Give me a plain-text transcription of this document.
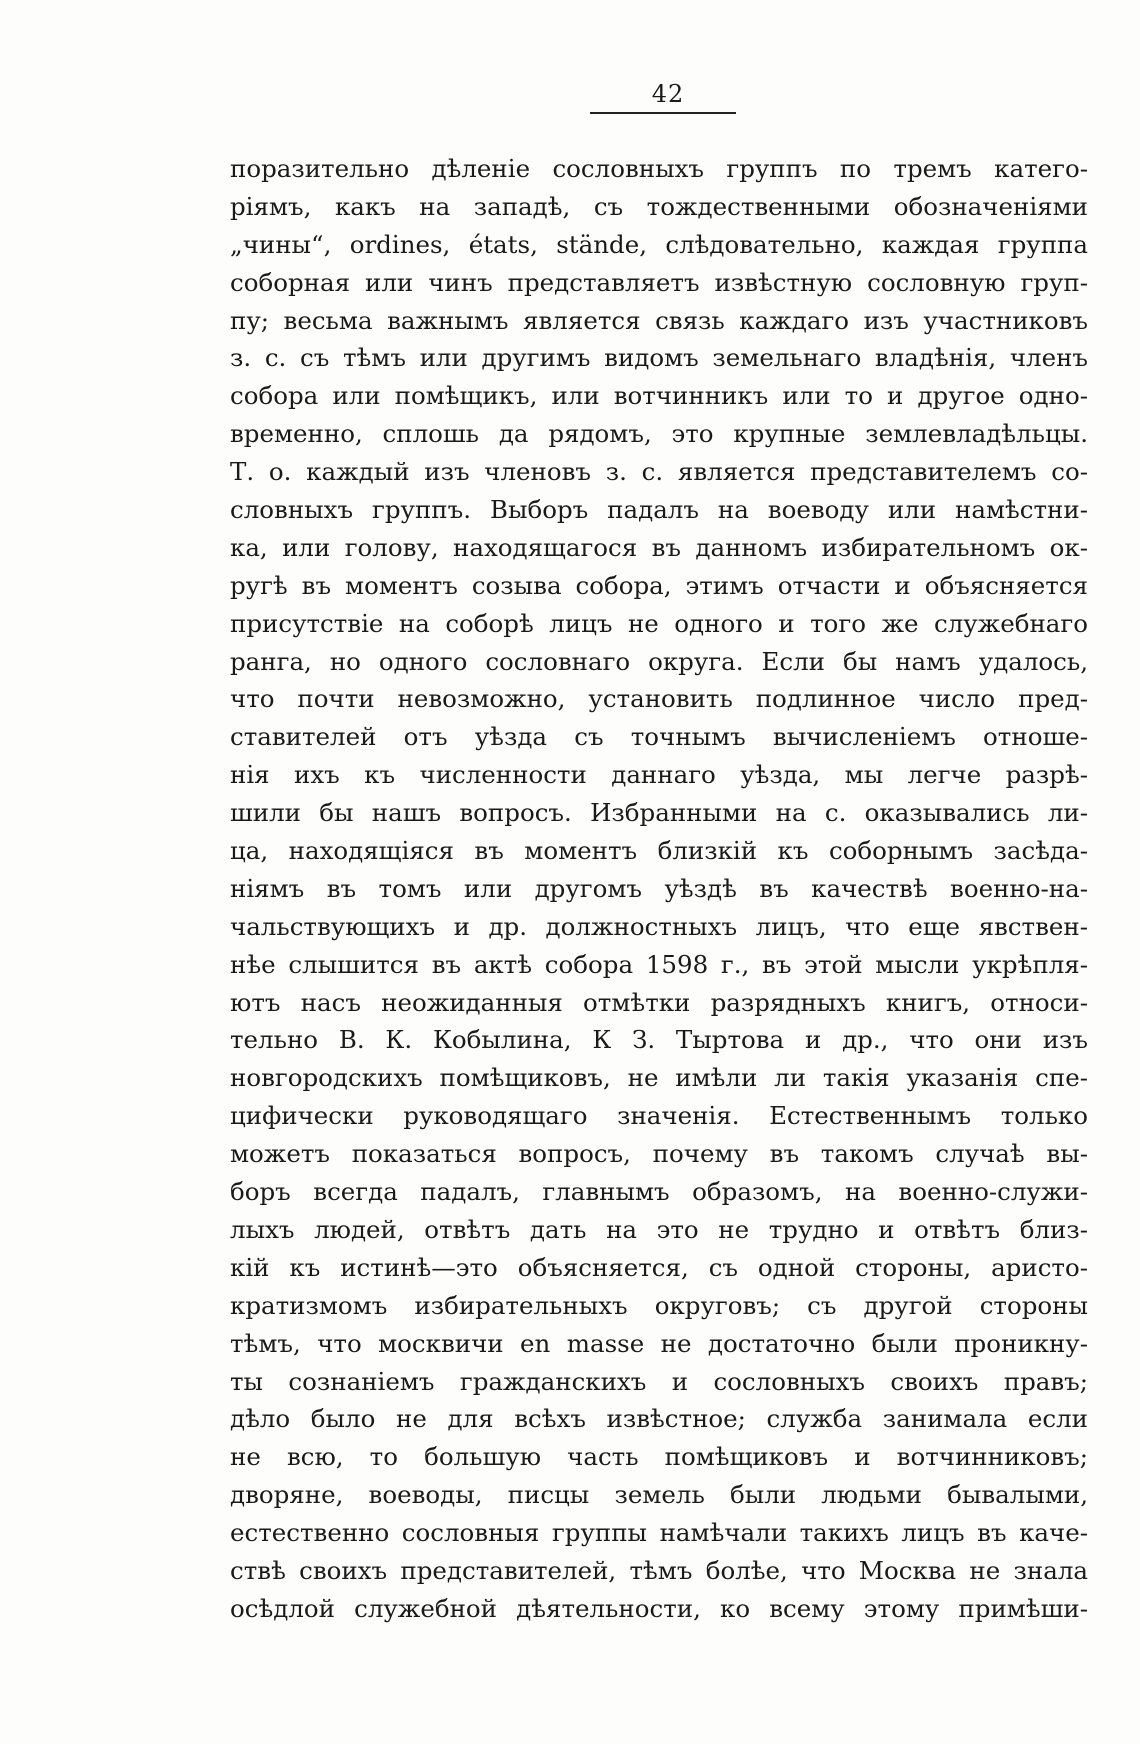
42
поразительно дѣленіе сословныхъ группъ по тремъ катего-
ріямъ, какъ на западѣ, съ тождественными обозначеніями
„чины“, ordines, états, stände, слѣдовательно, каждая группа
соборная или чинъ представляетъ извѣстную сословную груп-
пу; весьма важнымъ является связь каждаго изъ участниковъ
з. с. съ тѣмъ или другимъ видомъ земельнаго владѣнія, членъ
собора или помѣщикъ, или вотчинникъ или то и другое одно-
временно, сплошь да рядомъ, это крупные землевладѣльцы.
Т. о. каждый изъ членовъ з. с. является представителемъ со-
словныхъ группъ. Выборъ падалъ на воеводу или намѣстни-
ка, или голову, находящагося въ данномъ избирательномъ ок-
ругѣ въ моментъ созыва собора, этимъ отчасти и объясняется
присутствіе на соборѣ лицъ не одного и того же служебнаго
ранга, но одного сословнаго округа. Если бы намъ удалось,
что почти невозможно, установить подлинное число пред-
ставителей отъ уѣзда съ точнымъ вычисленіемъ отноше-
нія ихъ къ численности даннаго уѣзда, мы легче разрѣ-
шили бы нашъ вопросъ. Избранными на с. оказывались ли-
ца, находящіяся въ моментъ близкій къ соборнымъ засѣда-
ніямъ въ томъ или другомъ уѣздѣ въ качествѣ военно-на-
чальствующихъ и др. должностныхъ лицъ, что еще явствен-
нѣе слышится въ актѣ собора 1598 г., въ этой мысли укрѣпля-
ютъ насъ неожиданныя отмѣтки разрядныхъ книгъ, относи-
тельно В. К. Кобылина, К З. Тыртова и др., что они изъ
новгородскихъ помѣщиковъ, не имѣли ли такія указанія спе-
цифически руководящаго значенія. Естественнымъ только
можетъ показаться вопросъ, почему въ такомъ случаѣ вы-
боръ всегда падалъ, главнымъ образомъ, на военно-служи-
лыхъ людей, отвѣтъ дать на это не трудно и отвѣтъ близ-
кій къ истинѣ—это объясняется, съ одной стороны, аристо-
кратизмомъ избирательныхъ округовъ; съ другой стороны
тѣмъ, что москвичи en masse не достаточно были проникну-
ты сознаніемъ гражданскихъ и сословныхъ своихъ правъ;
дѣло было не для всѣхъ извѣстное; служба занимала если
не всю, то большую часть помѣщиковъ и вотчинниковъ;
дворяне, воеводы, писцы земель были людьми бывалыми,
естественно сословныя группы намѣчали такихъ лицъ въ каче-
ствѣ своихъ представителей, тѣмъ болѣе, что Москва не знала
осѣдлой служебной дѣятельности, ко всему этому примѣши-
